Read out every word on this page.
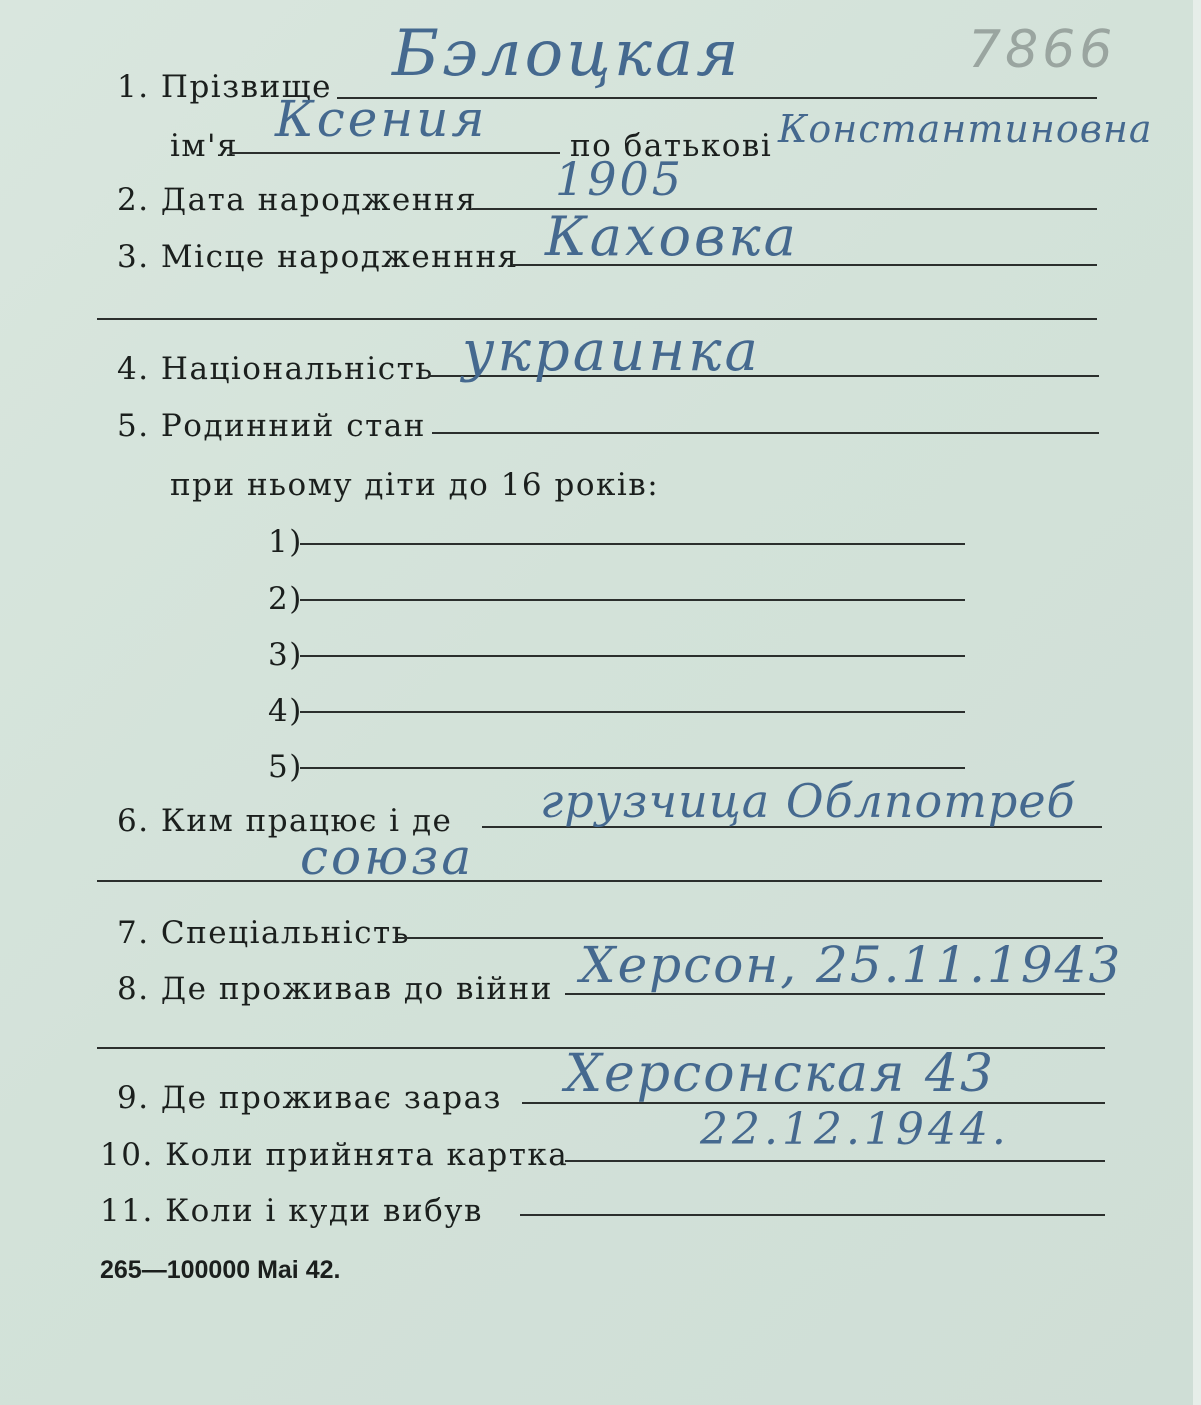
7866
1. Прізвище Бэлоцкая
ім'я Ксения	по батькові Константиновна
2. Дата народження 1905
3. Місце народженння Каховка
4. Національність украинка
5. Родинний стан
при ньому діти до 16 років:
1)
2)
3)
4)
5)
6. Ким працює і де грузчица Облпотреб
союза
7. Спеціальність
8. Де проживав до війни Херсон, 25.11.1943
9. Де проживає зараз Херсонская 43
10. Коли прийнята картка	22.12.1944.
11. Коли і куди вибув
265—100000 Mai 42.
